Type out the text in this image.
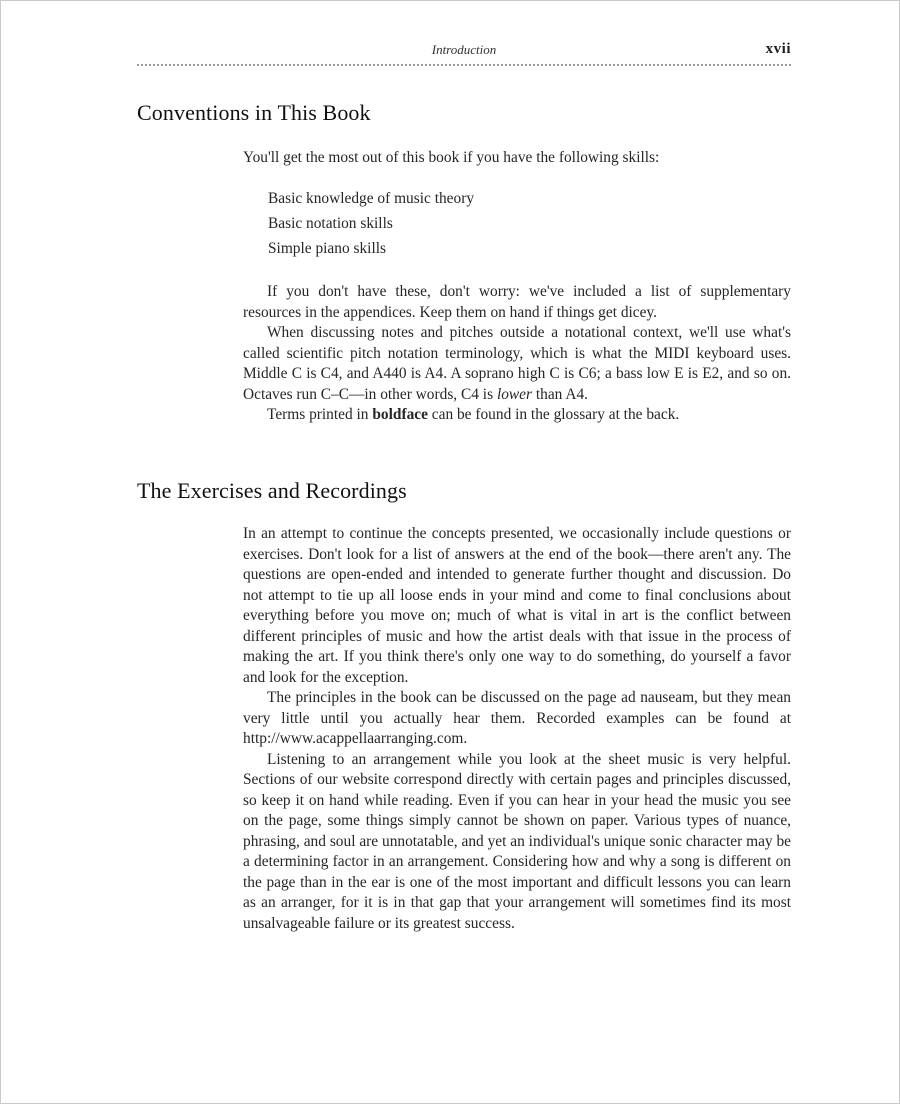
Introduction	xvii
Conventions in This Book
You'll get the most out of this book if you have the following skills:
Basic knowledge of music theory
Basic notation skills
Simple piano skills

If you don't have these, don't worry: we've included a list of supplementary resources in the appendices. Keep them on hand if things get dicey.

When discussing notes and pitches outside a notational context, we'll use what's called scientific pitch notation terminology, which is what the MIDI keyboard uses. Middle C is C4, and A440 is A4. A soprano high C is C6; a bass low E is E2, and so on. Octaves run C–C—in other words, C4 is lower than A4.

Terms printed in boldface can be found in the glossary at the back.

The Exercises and Recordings

In an attempt to continue the concepts presented, we occasionally include questions or exercises. Don't look for a list of answers at the end of the book—there aren't any. The questions are open-ended and intended to generate further thought and discussion. Do not attempt to tie up all loose ends in your mind and come to final conclusions about everything before you move on; much of what is vital in art is the conflict between different principles of music and how the artist deals with that issue in the process of making the art. If you think there's only one way to do something, do yourself a favor and look for the exception.

The principles in the book can be discussed on the page ad nauseam, but they mean very little until you actually hear them. Recorded examples can be found at http://www.acappellaarranging.com.

Listening to an arrangement while you look at the sheet music is very helpful. Sections of our website correspond directly with certain pages and principles discussed, so keep it on hand while reading. Even if you can hear in your head the music you see on the page, some things simply cannot be shown on paper. Various types of nuance, phrasing, and soul are unnotatable, and yet an individual's unique sonic character may be a determining factor in an arrangement. Considering how and why a song is different on the page than in the ear is one of the most important and difficult lessons you can learn as an arranger, for it is in that gap that your arrangement will sometimes find its most unsalvageable failure or its greatest success.
